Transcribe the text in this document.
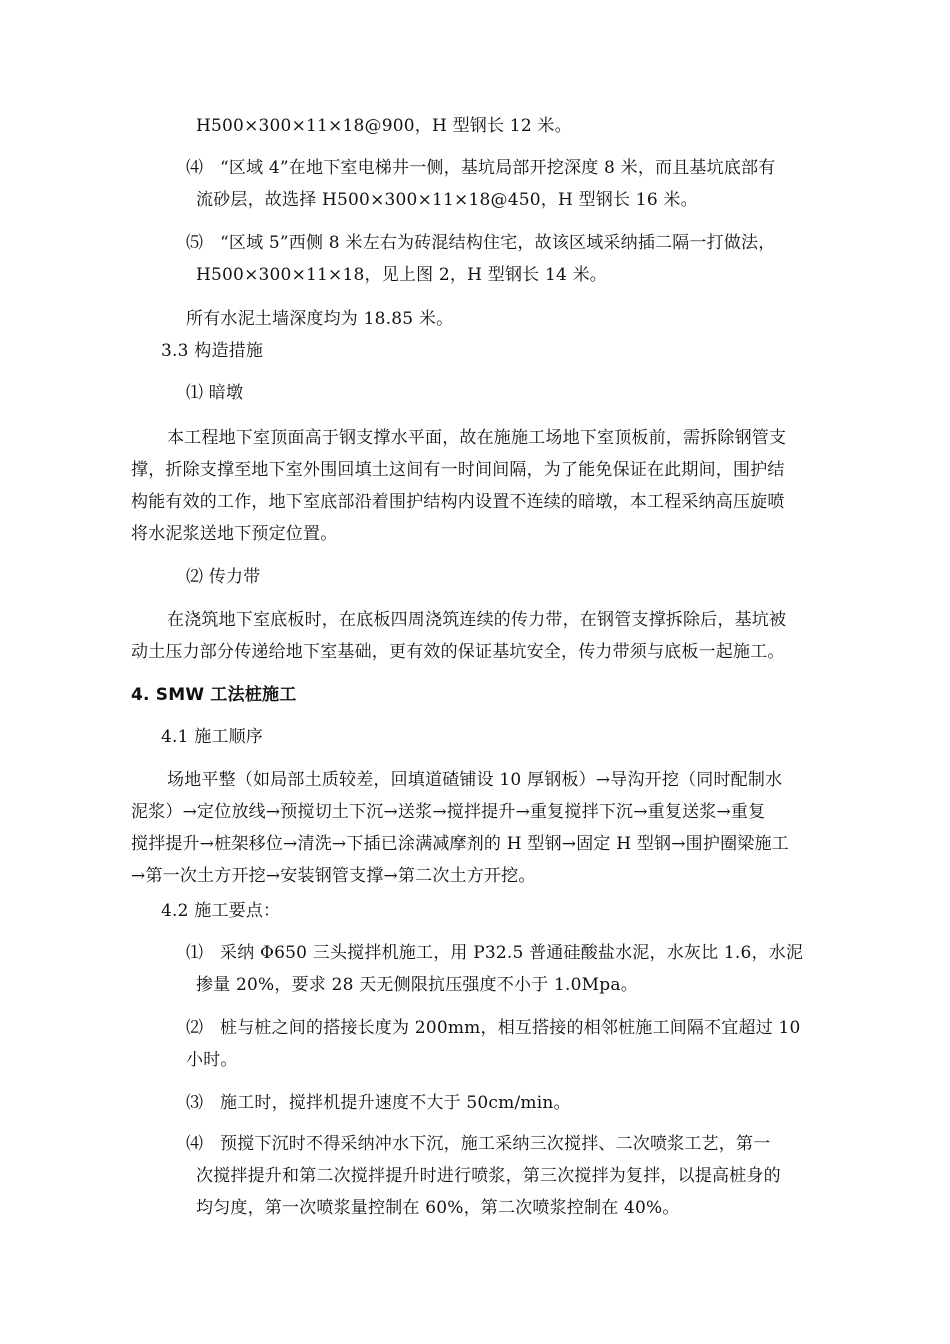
H500×300×11×18@900，H 型钢长 12 米。
⑷ “区域 4”在地下室电梯井一侧，基坑局部开挖深度 8 米，而且基坑底部有
流砂层，故选择 H500×300×11×18@450，H 型钢长 16 米。
⑸ “区域 5”西侧 8 米左右为砖混结构住宅，故该区域采纳插二隔一打做法，
H500×300×11×18，见上图 2，H 型钢长 14 米。
所有水泥土墙深度均为 18.85 米。
3.3 构造措施
⑴ 暗墩
本工程地下室顶面高于钢支撑水平面，故在施施工场地下室顶板前，需拆除钢管支
撑，折除支撑至地下室外围回填土这间有一时间间隔，为了能免保证在此期间，围护结
构能有效的工作，地下室底部沿着围护结构内设置不连续的暗墩，本工程采纳高压旋喷
将水泥浆送地下预定位置。
⑵ 传力带
在浇筑地下室底板时，在底板四周浇筑连续的传力带，在钢管支撑拆除后，基坑被
动土压力部分传递给地下室基础，更有效的保证基坑安全，传力带须与底板一起施工。
4. SMW 工法桩施工
4.1 施工顺序
场地平整（如局部土质较差，回填道碴铺设 10 厚钢板）→导沟开挖（同时配制水
泥浆）→定位放线→预搅切土下沉→送浆→搅拌提升→重复搅拌下沉→重复送浆→重复
搅拌提升→桩架移位→清洗→下插已涂满减摩剂的 H 型钢→固定 H 型钢→围护圈梁施工
→第一次土方开挖→安装钢管支撑→第二次土方开挖。
4.2 施工要点：
⑴ 采纳 Φ650 三头搅拌机施工，用 P32.5 普通硅酸盐水泥，水灰比 1.6，水泥
掺量 20%，要求 28 天无侧限抗压强度不小于 1.0Mpa。
⑵ 桩与桩之间的搭接长度为 200mm，相互搭接的相邻桩施工间隔不宜超过 10
小时。
⑶ 施工时，搅拌机提升速度不大于 50cm/min。
⑷ 预搅下沉时不得采纳冲水下沉，施工采纳三次搅拌、二次喷浆工艺，第一
次搅拌提升和第二次搅拌提升时进行喷浆，第三次搅拌为复拌，以提高桩身的
均匀度，第一次喷浆量控制在 60%，第二次喷浆控制在 40%。
